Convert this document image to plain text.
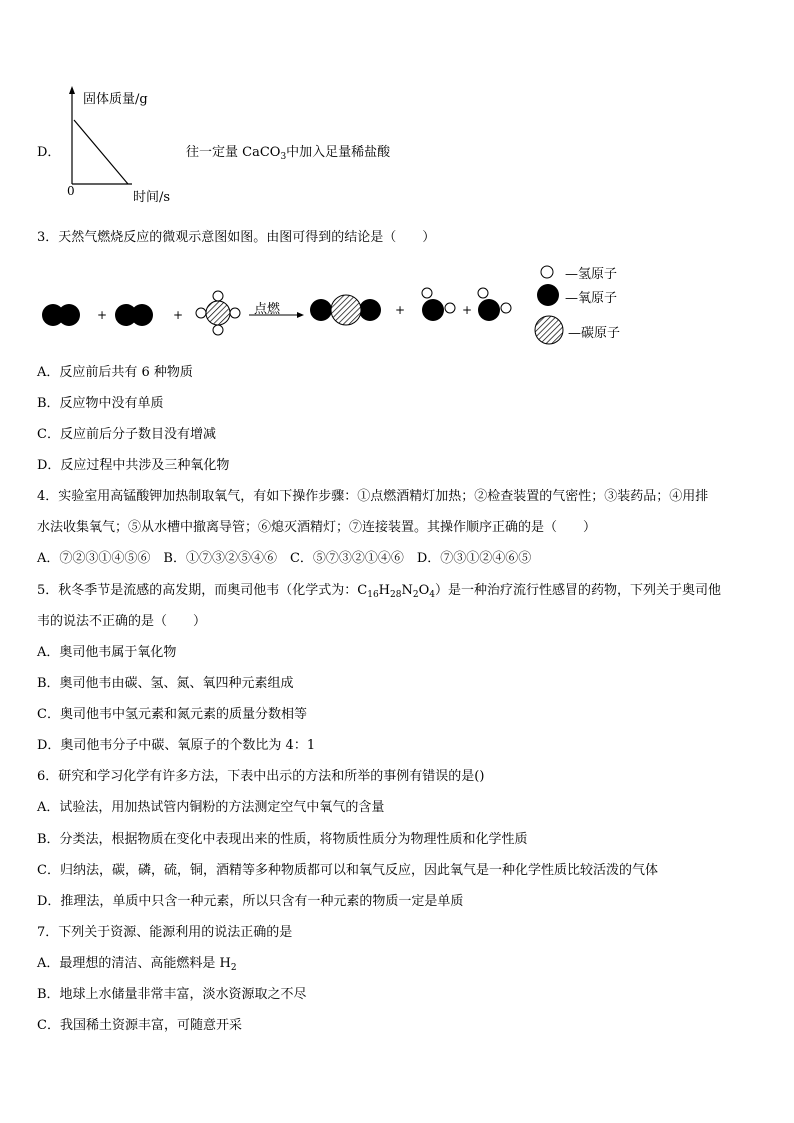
D．
固体质量/g
0	时间/s
往一定量 CaCO$_3$中加入足量稀盐酸
3．天然气燃烧反应的微观示意图如图。由图可得到的结论是（　　）
点燃
+	+	+	+
—氢原子
—氧原子
—碳原子
A．反应前后共有 6 种物质
B．反应物中没有单质
C．反应前后分子数目没有增减
D．反应过程中共涉及三种氧化物
4．实验室用高锰酸钾加热制取氧气，有如下操作步骤：①点燃酒精灯加热；②检查装置的气密性；③装药品；④用排
水法收集氧气；⑤从水槽中撤离导管；⑥熄灭酒精灯；⑦连接装置。其操作顺序正确的是（　　）
A．⑦②③①④⑤⑥　B．①⑦③②⑤④⑥　C．⑤⑦③②①④⑥　D．⑦③①②④⑥⑤
5．秋冬季节是流感的高发期，而奥司他韦（化学式为：$C_{16}H_{28}N_2O_4$）是一种治疗流行性感冒的药物，下列关于奥司他
韦的说法不正确的是（　　）
A．奥司他韦属于氧化物
B．奥司他韦由碳、氢、氮、氧四种元素组成
C．奥司他韦中氢元素和氮元素的质量分数相等
D．奥司他韦分子中碳、氧原子的个数比为 4：1
6．研究和学习化学有许多方法，下表中出示的方法和所举的事例有错误的是()
A．试验法，用加热试管内铜粉的方法测定空气中氧气的含量
B．分类法，根据物质在变化中表现出来的性质，将物质性质分为物理性质和化学性质
C．归纳法，碳，磷，硫，铜，酒精等多种物质都可以和氧气反应，因此氧气是一种化学性质比较活泼的气体
D．推理法，单质中只含一种元素，所以只含有一种元素的物质一定是单质
7．下列关于资源、能源利用的说法正确的是
A．最理想的清洁、高能燃料是 $H_2$
B．地球上水储量非常丰富，淡水资源取之不尽
C．我国稀土资源丰富，可随意开采
